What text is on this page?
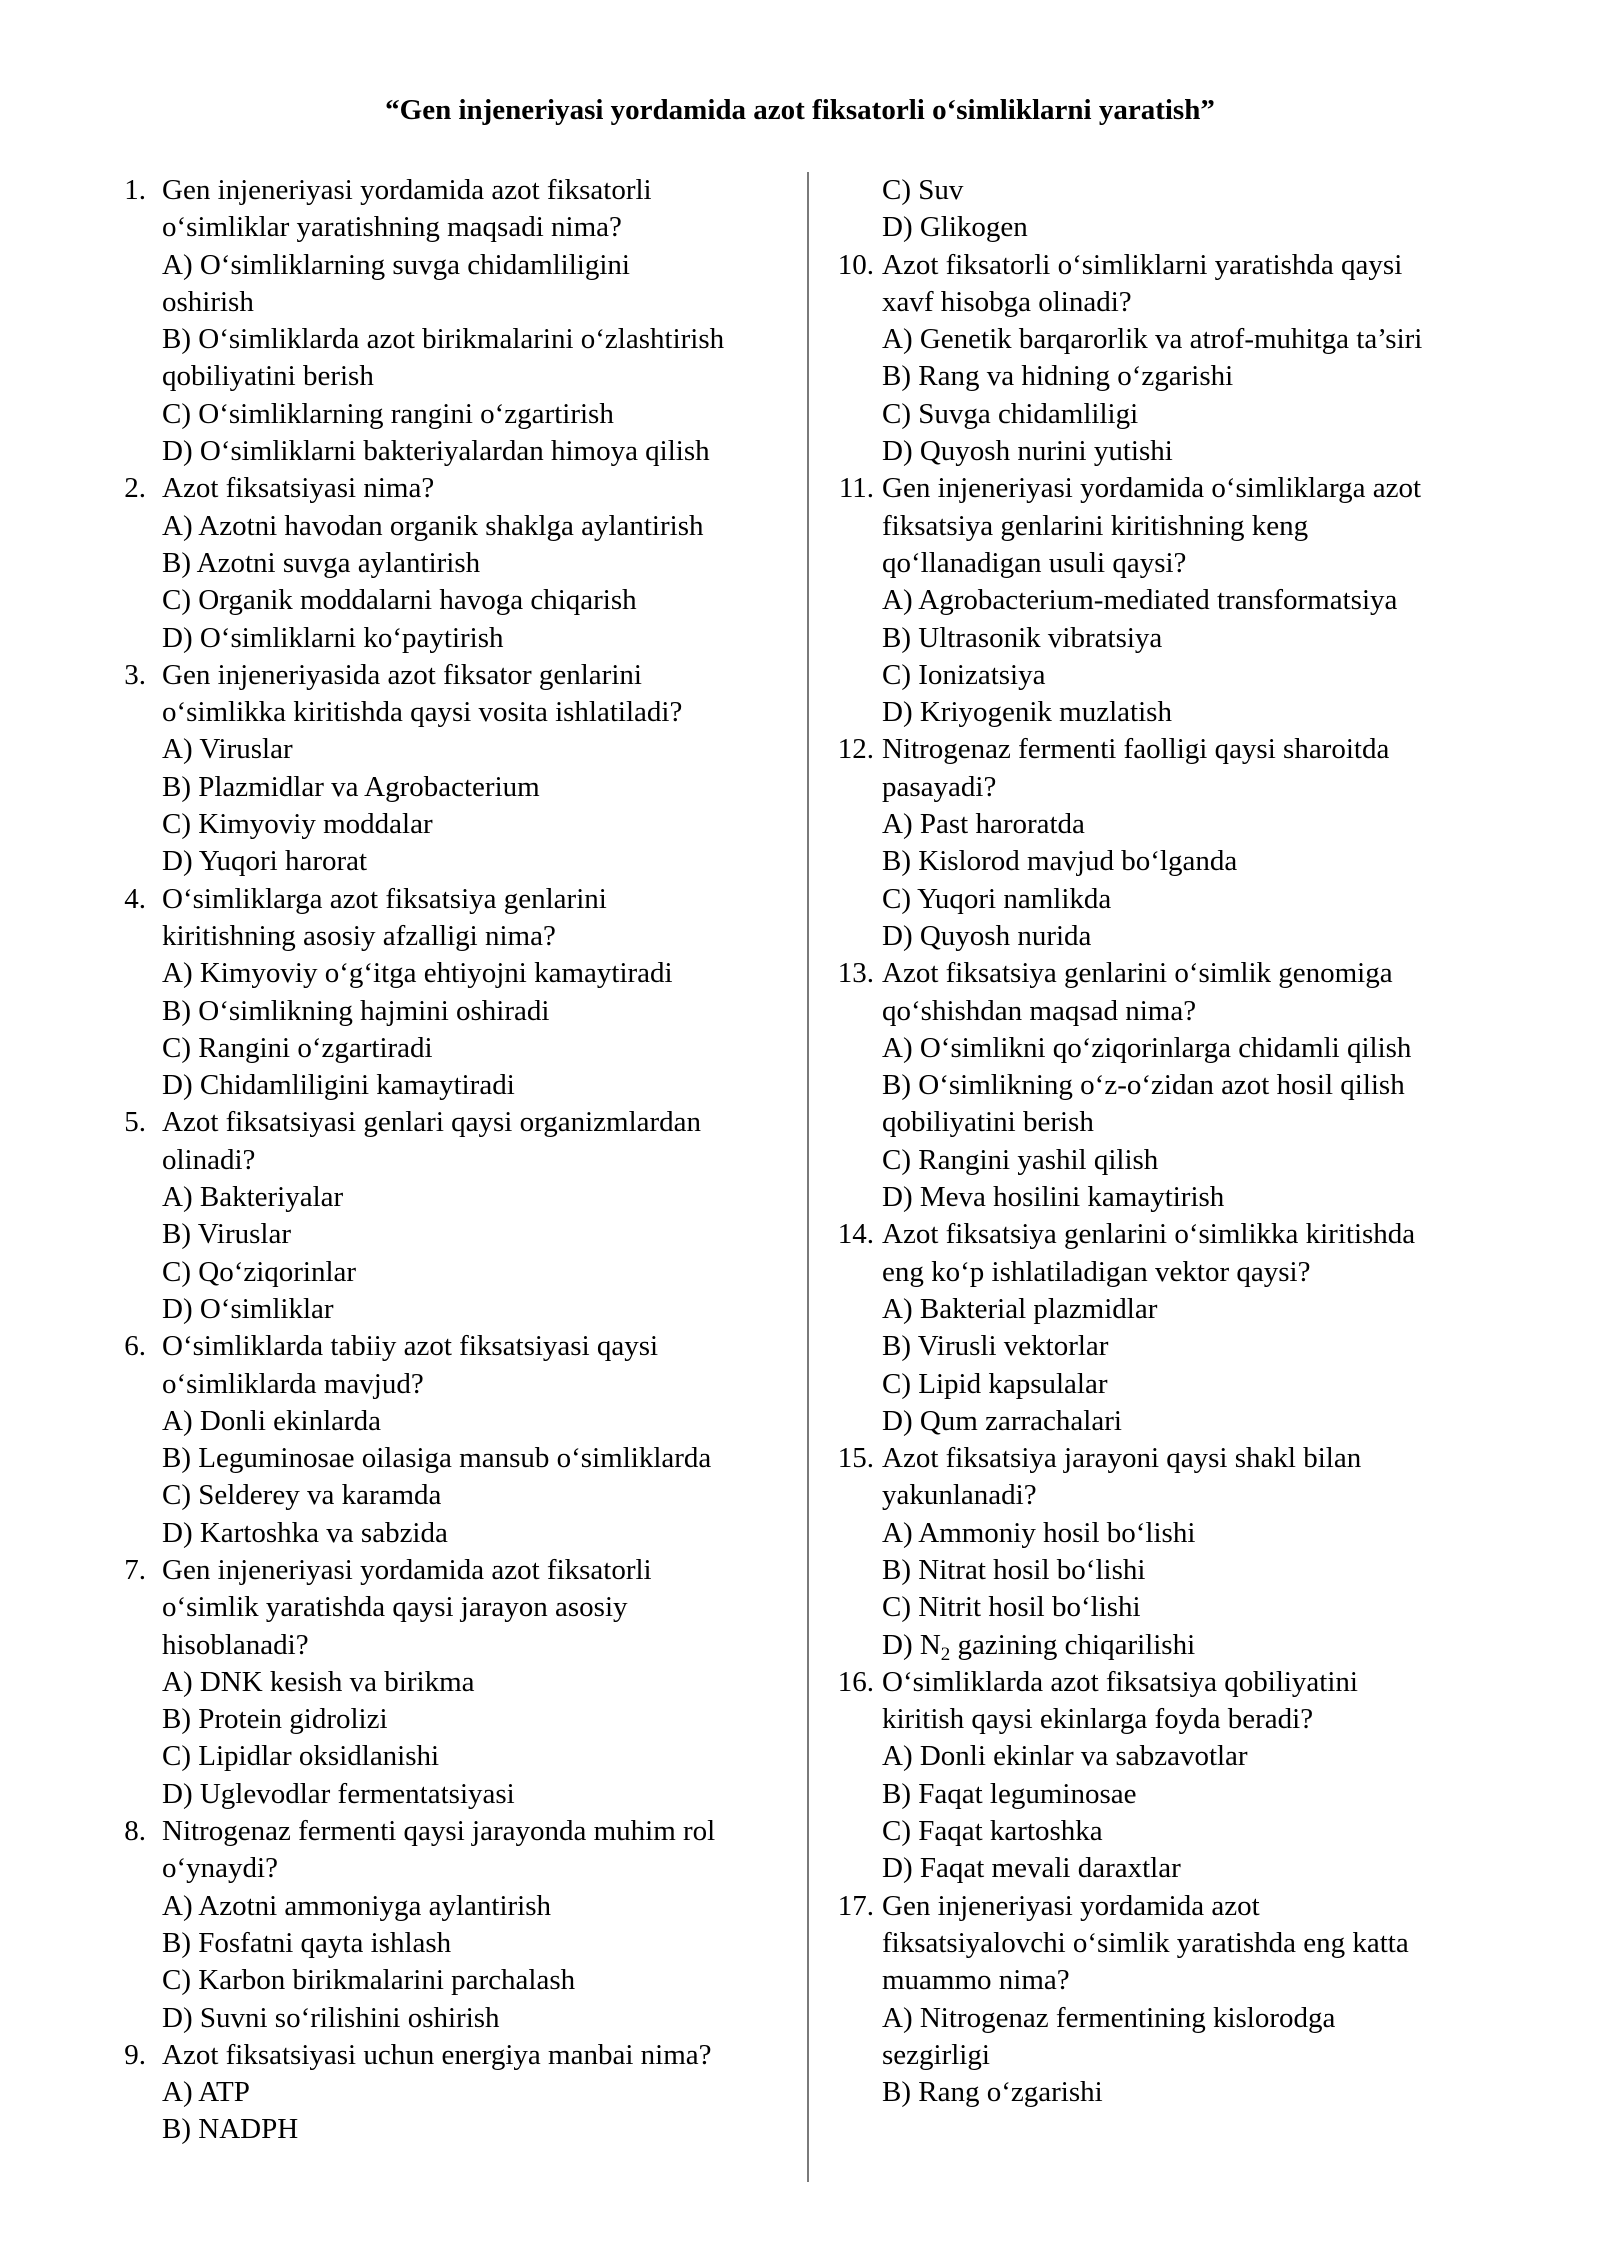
“Gen injeneriyasi yordamida azot fiksatorli o‘simliklarni yaratish”
1.
Gen injeneriyasi yordamida azot fiksatorli

o‘simliklar yaratishning maqsadi nima?
A) O‘simliklarning suvga chidamliligini
oshirish
B) O‘simliklarda azot birikmalarini o‘zlashtirish
qobiliyatini berish
C) O‘simliklarning rangini o‘zgartirish
D) O‘simliklarni bakteriyalardan himoya qilish
2.
Azot fiksatsiyasi nima?
A) Azotni havodan organik shaklga aylantirish
B) Azotni suvga aylantirish
C) Organik moddalarni havoga chiqarish
D) O‘simliklarni ko‘paytirish
3.
Gen injeneriyasida azot fiksator genlarini

o‘simlikka kiritishda qaysi vosita ishlatiladi?
A) Viruslar
B) Plazmidlar va Agrobacterium
C) Kimyoviy moddalar
D) Yuqori harorat
4.
O‘simliklarga azot fiksatsiya genlarini

kiritishning asosiy afzalligi nima?
A) Kimyoviy o‘g‘itga ehtiyojni kamaytiradi
B) O‘simlikning hajmini oshiradi
C) Rangini o‘zgartiradi
D) Chidamliligini kamaytiradi
5.
Azot fiksatsiyasi genlari qaysi organizmlardan

olinadi?
A) Bakteriyalar
B) Viruslar
C) Qo‘ziqorinlar
D) O‘simliklar
6.
O‘simliklarda tabiiy azot fiksatsiyasi qaysi

o‘simliklarda mavjud?
A) Donli ekinlarda
B) Leguminosae oilasiga mansub o‘simliklarda
C) Selderey va karamda
D) Kartoshka va sabzida
7.
Gen injeneriyasi yordamida azot fiksatorli

o‘simlik yaratishda qaysi jarayon asosiy

hisoblanadi?
A) DNK kesish va birikma
B) Protein gidrolizi
C) Lipidlar oksidlanishi
D) Uglevodlar fermentatsiyasi
8.
Nitrogenaz fermenti qaysi jarayonda muhim rol

o‘ynaydi?
A) Azotni ammoniyga aylantirish
B) Fosfatni qayta ishlash
C) Karbon birikmalarini parchalash
D) Suvni so‘rilishini oshirish
9.
Azot fiksatsiyasi uchun energiya manbai nima?
A) ATP
B) NADPH
C) Suv
D) Glikogen
10.
Azot fiksatorli o‘simliklarni yaratishda qaysi

xavf hisobga olinadi?
A) Genetik barqarorlik va atrof-muhitga ta’siri
B) Rang va hidning o‘zgarishi
C) Suvga chidamliligi
D) Quyosh nurini yutishi
11.
Gen injeneriyasi yordamida o‘simliklarga azot

fiksatsiya genlarini kiritishning keng

qo‘llanadigan usuli qaysi?
A) Agrobacterium-mediated transformatsiya
B) Ultrasonik vibratsiya
C) Ionizatsiya
D) Kriyogenik muzlatish
12.
Nitrogenaz fermenti faolligi qaysi sharoitda

pasayadi?
A) Past haroratda
B) Kislorod mavjud bo‘lganda
C) Yuqori namlikda
D) Quyosh nurida
13.
Azot fiksatsiya genlarini o‘simlik genomiga

qo‘shishdan maqsad nima?
A) O‘simlikni qo‘ziqorinlarga chidamli qilish
B) O‘simlikning o‘z-o‘zidan azot hosil qilish
qobiliyatini berish
C) Rangini yashil qilish
D) Meva hosilini kamaytirish
14.
Azot fiksatsiya genlarini o‘simlikka kiritishda

eng ko‘p ishlatiladigan vektor qaysi?
A) Bakterial plazmidlar
B) Virusli vektorlar
C) Lipid kapsulalar
D) Qum zarrachalari
15.
Azot fiksatsiya jarayoni qaysi shakl bilan

yakunlanadi?
A) Ammoniy hosil bo‘lishi
B) Nitrat hosil bo‘lishi
C) Nitrit hosil bo‘lishi
D) $N_2$ gazining chiqarilishi
16.
O‘simliklarda azot fiksatsiya qobiliyatini

kiritish qaysi ekinlarga foyda beradi?
A) Donli ekinlar va sabzavotlar
B) Faqat leguminosae
C) Faqat kartoshka
D) Faqat mevali daraxtlar
17.
Gen injeneriyasi yordamida azot

fiksatsiyalovchi o‘simlik yaratishda eng katta

muammo nima?
A) Nitrogenaz fermentining kislorodga
sezgirligi
B) Rang o‘zgarishi
